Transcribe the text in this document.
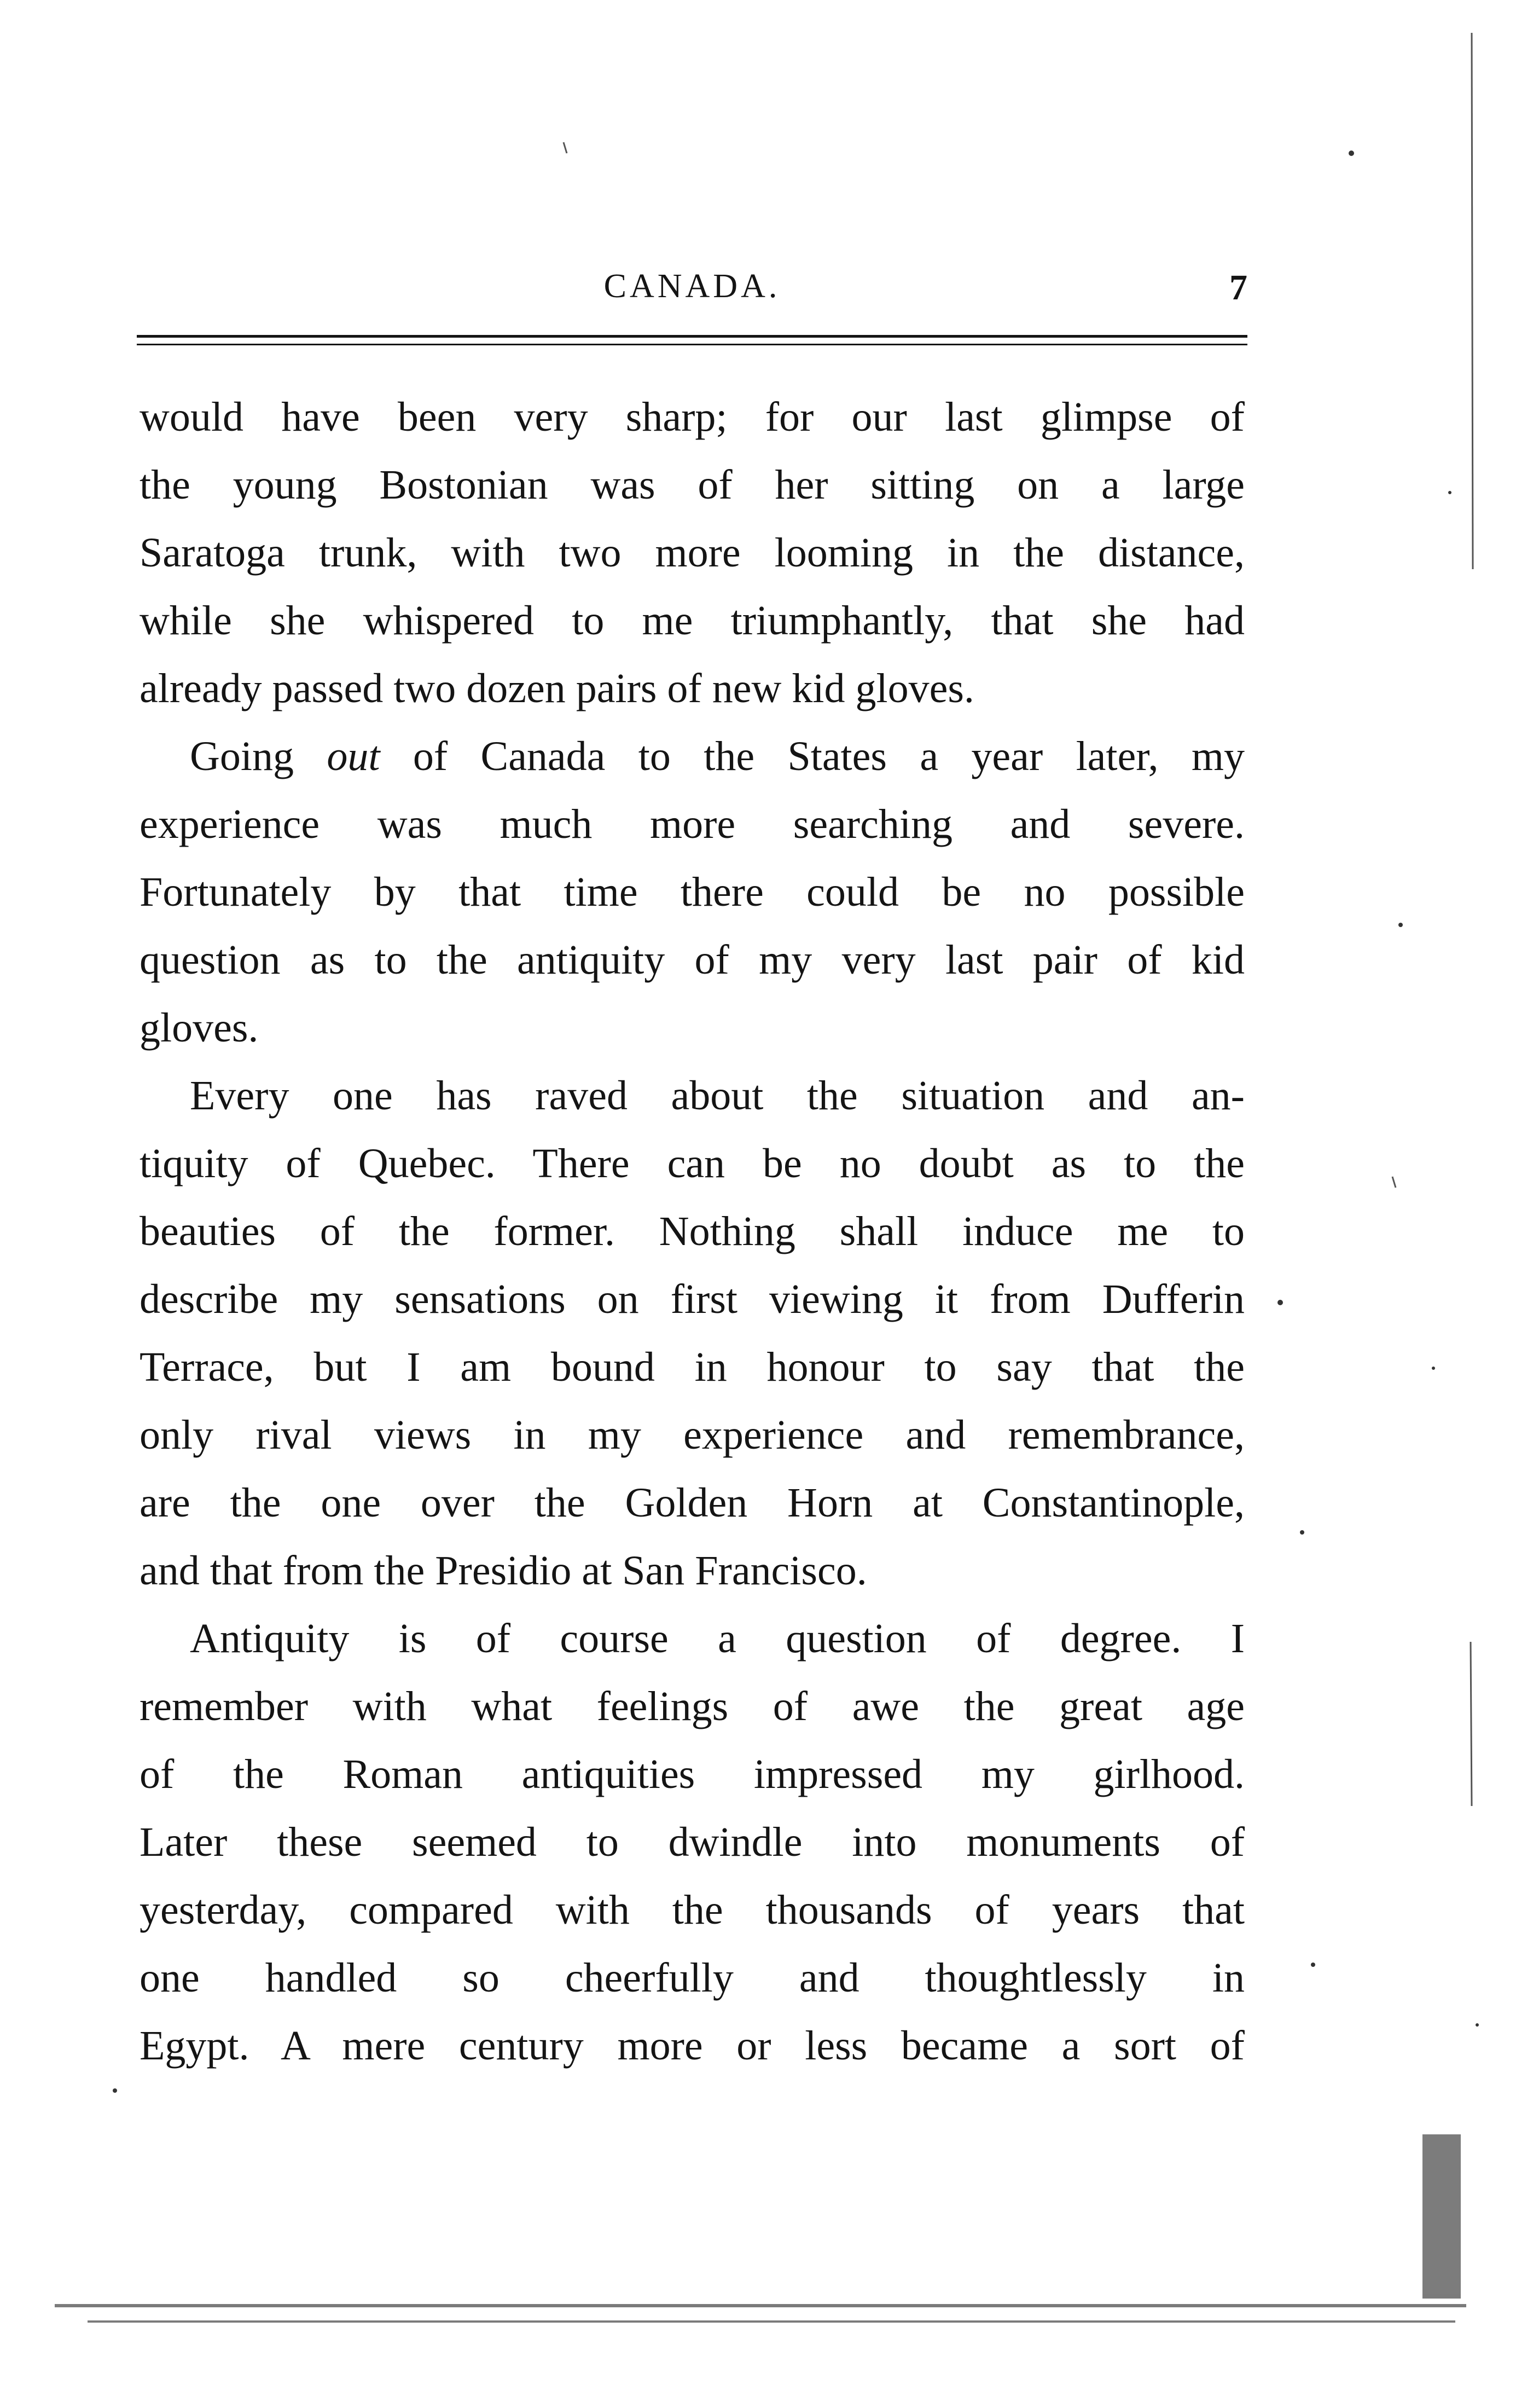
CANADA.	7
would have been very sharp; for our last glimpse of
the young Bostonian was of her sitting on a large
Saratoga trunk, with two more looming in the distance,
while she whispered to me triumphantly, that she had
already passed two dozen pairs of new kid gloves.
Going out of Canada to the States a year later, my
experience was much more searching and severe.
Fortunately by that time there could be no possible
question as to the antiquity of my very last pair of kid
gloves.
Every one has raved about the situation and an-
tiquity of Quebec. There can be no doubt as to the
beauties of the former. Nothing shall induce me to
describe my sensations on first viewing it from Dufferin
Terrace, but I am bound in honour to say that the
only rival views in my experience and remembrance,
are the one over the Golden Horn at Constantinople,
and that from the Presidio at San Francisco.
Antiquity is of course a question of degree. I
remember with what feelings of awe the great age
of the Roman antiquities impressed my girlhood.
Later these seemed to dwindle into monuments of
yesterday, compared with the thousands of years that
one handled so cheerfully and thoughtlessly in
Egypt. A mere century more or less became a sort of
